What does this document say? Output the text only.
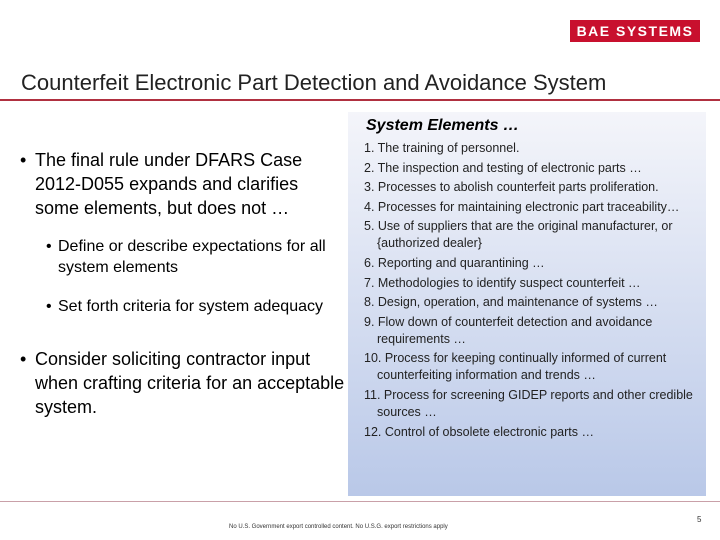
BAE SYSTEMS
Counterfeit Electronic Part Detection and Avoidance System
• The final rule under DFARS Case 2012-D055 expands and clarifies some elements, but does not …
• Define or describe expectations for all system elements
• Set forth criteria for system adequacy
• Consider soliciting contractor input when crafting criteria for an acceptable system.
System Elements …
1. The training of personnel.
2. The inspection and testing of electronic parts …
3. Processes to abolish counterfeit parts proliferation.
4. Processes for maintaining electronic part traceability…
5. Use of suppliers that are the original manufacturer, or {authorized dealer}
6. Reporting and quarantining …
7. Methodologies to identify suspect counterfeit …
8. Design, operation, and maintenance of systems …
9. Flow down of counterfeit detection and avoidance requirements …
10. Process for keeping continually informed of current counterfeiting information and trends …
11. Process for screening GIDEP reports and other credible sources …
12. Control of obsolete electronic parts …
No U.S. Government export controlled content. No U.S.G. export restrictions apply
5
